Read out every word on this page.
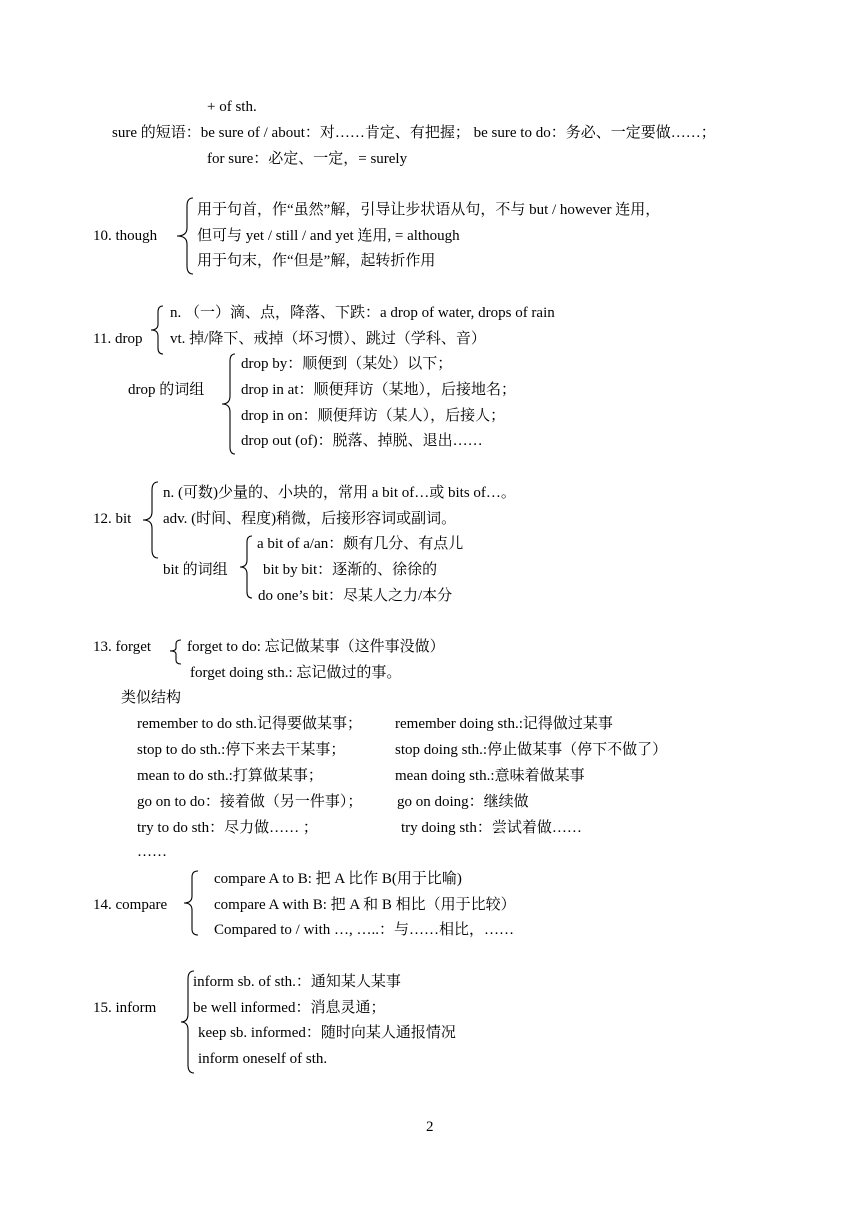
+ of sth.
sure 的短语：be sure of / about：对……肯定、有把握； be sure to do：务必、一定要做……；
for sure：必定、一定，= surely
10. though
用于句首，作“虽然”解，引导让步状语从句，不与 but / however 连用，
但可与 yet / still / and yet 连用, = although
用于句末，作“但是”解，起转折作用
11. drop
n. （一）滴、点，降落、下跌：a drop of water, drops of rain
vt. 掉/降下、戒掉（坏习惯）、跳过（学科、音）
drop 的词组
drop by：顺便到（某处）以下；
drop in at：顺便拜访（某地），后接地名；
drop in on：顺便拜访（某人），后接人；
drop out (of)：脱落、掉脱、退出……
12. bit
n. (可数)少量的、小块的，常用 a bit of…或 bits of…。
adv. (时间、程度)稍微，后接形容词或副词。
bit 的词组
a bit of a/an：颇有几分、有点儿
bit by bit：逐渐的、徐徐的
do one’s bit：尽某人之力/本分
13. forget forget to do: 忘记做某事（这件事没做）
forget doing sth.: 忘记做过的事。
类似结构
remember to do sth.记得要做某事； remember doing sth.:记得做过某事
stop to do sth.:停下来去干某事；	stop doing sth.:停止做某事（停下不做了）
mean to do sth.:打算做某事；	mean doing sth.:意味着做某事
go on to do：接着做（另一件事）； go on doing：继续做
try to do sth：尽力做…… ；	try doing sth：尝试着做……
……
14. compare
compare A to B: 把 A 比作 B(用于比喻)
compare A with B: 把 A 和 B 相比（用于比较）
Compared to / with …, …..：与……相比，……
15. inform
inform sb. of sth.：通知某人某事
be well informed：消息灵通；
keep sb. informed：随时向某人通报情况
inform oneself of sth.
2
